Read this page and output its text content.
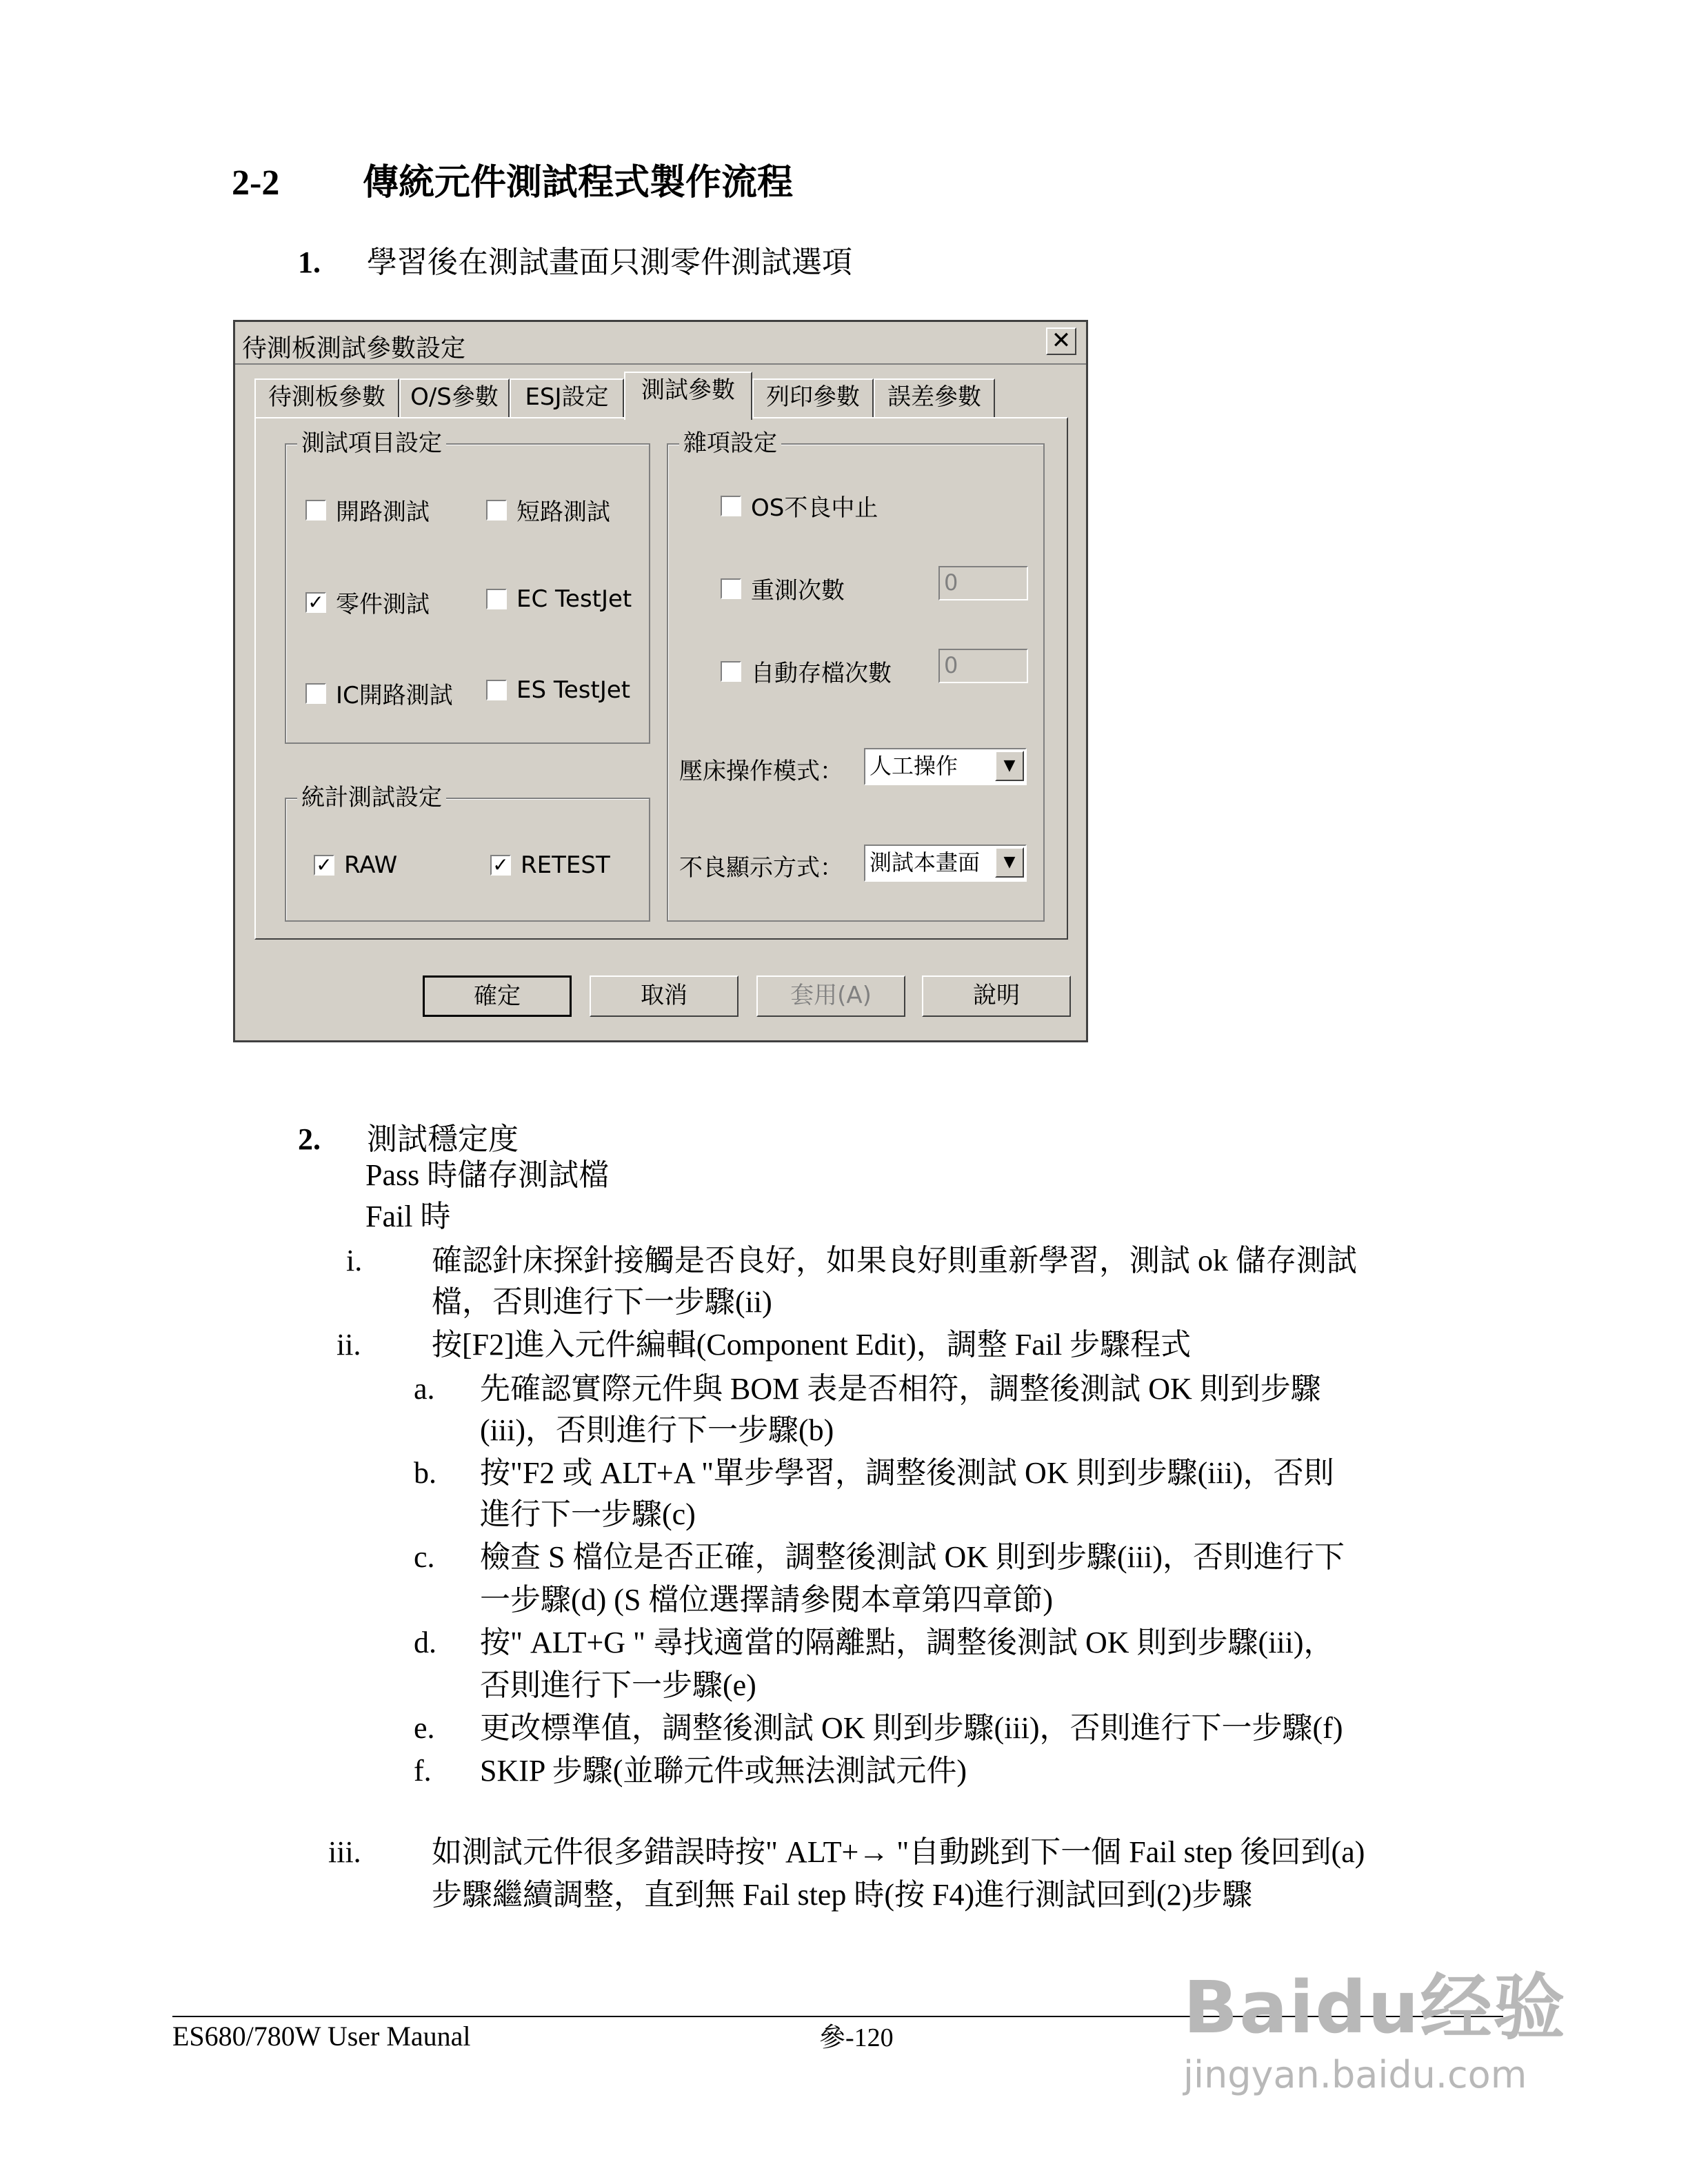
2-2 傳統元件測試程式製作流程
1. 學習後在測試畫面只測零件測試選項
待測板測試參數設定	✕
待測板參數	O/S參數	ESJ設定	測試參數	列印參數	誤差參數
測試項目設定
開路測試	短路測試
✓ 零件測試	EC TestJet
IC開路測試	ES TestJet
統計測試設定
✓ RAW	✓ RETEST
雜項設定
OS不良中止
重測次數	0
自動存檔次數 0
壓床操作模式： 人工操作	▼
不良顯示方式： 測試本畫面	▼
確定	取消	套用(A)	說明
2. 測試穩定度
Pass 時儲存測試檔
Fail 時
i. 確認針床探針接觸是否良好，如果良好則重新學習，測試 ok 儲存測試
檔，否則進行下一步驟(ii)
ii. 按[F2]進入元件編輯(Component Edit)，調整 Fail 步驟程式
a. 先確認實際元件與 BOM 表是否相符，調整後測試 OK 則到步驟
(iii)，否則進行下一步驟(b)
b. 按"F2 或 ALT+A "單步學習，調整後測試 OK 則到步驟(iii)，否則
進行下一步驟(c)
c. 檢查 S 檔位是否正確，調整後測試 OK 則到步驟(iii)，否則進行下
一步驟(d) (S 檔位選擇請參閱本章第四章節)
d. 按" ALT+G " 尋找適當的隔離點，調整後測試 OK 則到步驟(iii)，
否則進行下一步驟(e)
e. 更改標準值，調整後測試 OK 則到步驟(iii)，否則進行下一步驟(f)
f. SKIP 步驟(並聯元件或無法測試元件)
iii. 如測試元件很多錯誤時按" ALT+→ "自動跳到下一個 Fail step 後回到(a)
步驟繼續調整，直到無 Fail step 時(按 F4)進行測試回到(2)步驟
ES680/780W User Maunal	參-120	Baidu经验
jingyan.baidu.com
